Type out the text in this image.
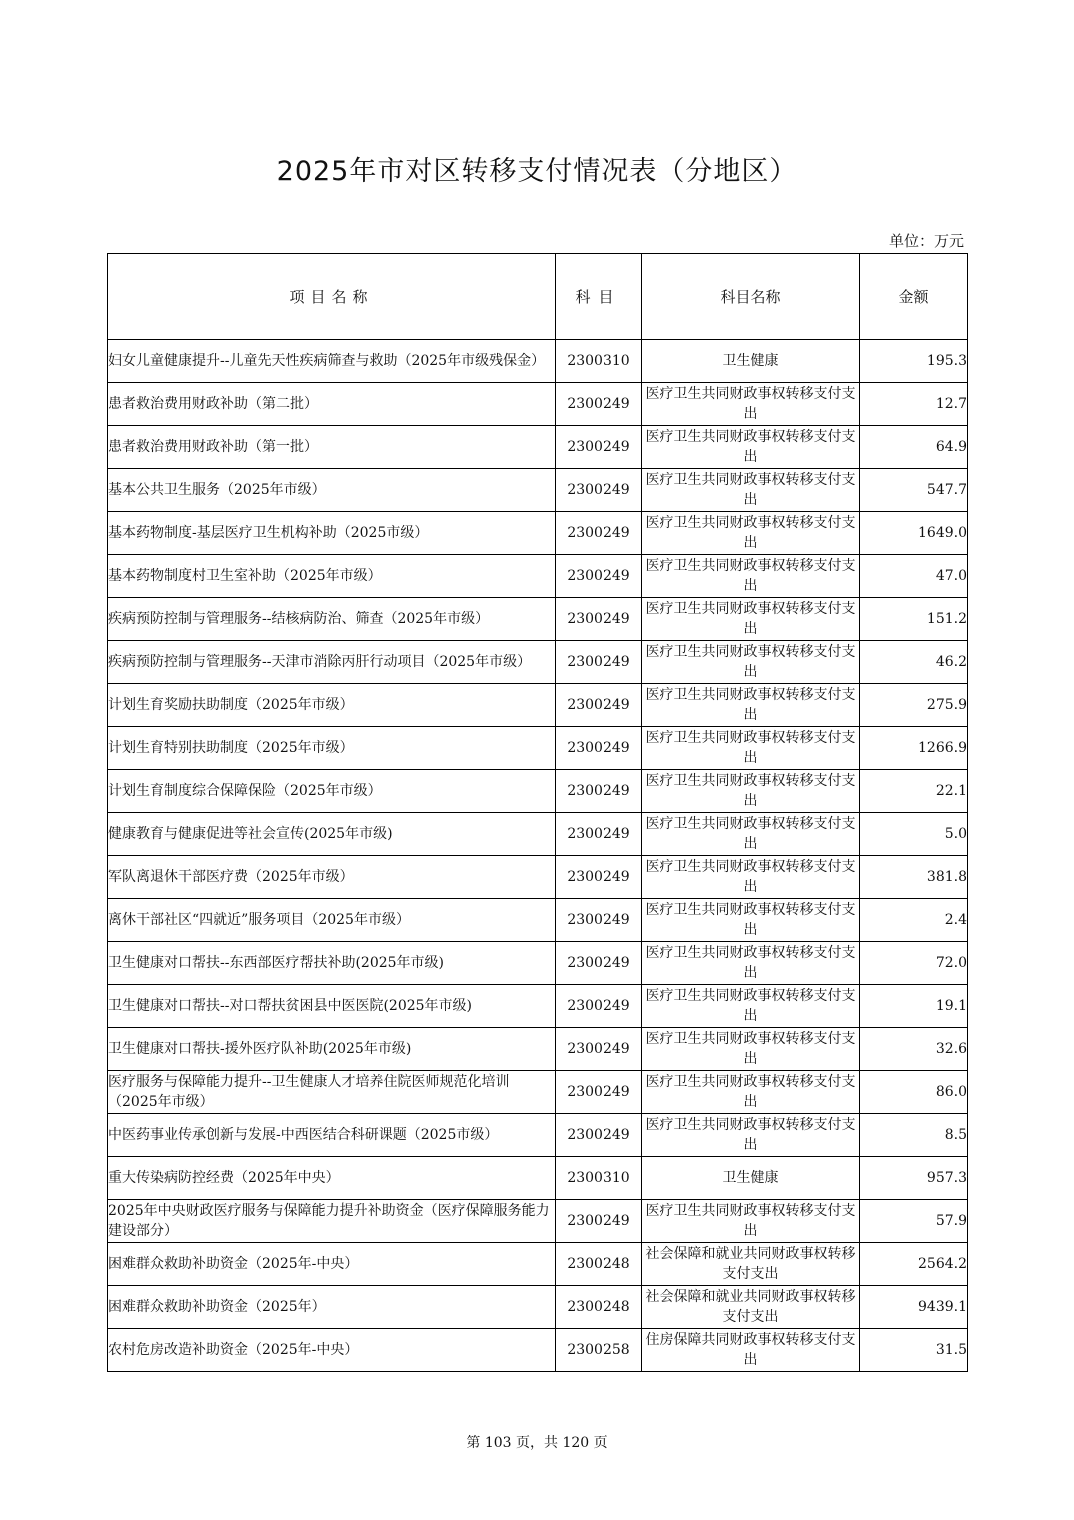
2025年市对区转移支付情况表（分地区）
单位：万元
项目名称	科目	科目名称	金额
妇女儿童健康提升--儿童先天性疾病筛查与救助（2025年市级残保金）	2300310	卫生健康	195.3
患者救治费用财政补助（第二批）	2300249	医疗卫生共同财政事权转移支付支出	12.7
患者救治费用财政补助（第一批）	2300249	医疗卫生共同财政事权转移支付支出	64.9
基本公共卫生服务（2025年市级）	2300249	医疗卫生共同财政事权转移支付支出	547.7
基本药物制度-基层医疗卫生机构补助（2025市级）	2300249	医疗卫生共同财政事权转移支付支出	1649.0
基本药物制度村卫生室补助（2025年市级）	2300249	医疗卫生共同财政事权转移支付支出	47.0
疾病预防控制与管理服务--结核病防治、筛查（2025年市级）	2300249	医疗卫生共同财政事权转移支付支出	151.2
疾病预防控制与管理服务--天津市消除丙肝行动项目（2025年市级）	2300249	医疗卫生共同财政事权转移支付支出	46.2
计划生育奖励扶助制度（2025年市级）	2300249	医疗卫生共同财政事权转移支付支出	275.9
计划生育特别扶助制度（2025年市级）	2300249	医疗卫生共同财政事权转移支付支出	1266.9
计划生育制度综合保障保险（2025年市级）	2300249	医疗卫生共同财政事权转移支付支出	22.1
健康教育与健康促进等社会宣传(2025年市级)	2300249	医疗卫生共同财政事权转移支付支出	5.0
军队离退休干部医疗费（2025年市级）	2300249	医疗卫生共同财政事权转移支付支出	381.8
离休干部社区“四就近”服务项目（2025年市级）	2300249	医疗卫生共同财政事权转移支付支出	2.4
卫生健康对口帮扶--东西部医疗帮扶补助(2025年市级)	2300249	医疗卫生共同财政事权转移支付支出	72.0
卫生健康对口帮扶--对口帮扶贫困县中医医院(2025年市级)	2300249	医疗卫生共同财政事权转移支付支出	19.1
卫生健康对口帮扶-援外医疗队补助(2025年市级)	2300249	医疗卫生共同财政事权转移支付支出	32.6
医疗服务与保障能力提升--卫生健康人才培养住院医师规范化培训（2025年市级）	2300249	医疗卫生共同财政事权转移支付支出	86.0
中医药事业传承创新与发展-中西医结合科研课题（2025市级）	2300249	医疗卫生共同财政事权转移支付支出	8.5
重大传染病防控经费（2025年中央）	2300310	卫生健康	957.3
2025年中央财政医疗服务与保障能力提升补助资金（医疗保障服务能力建设部分）	2300249	医疗卫生共同财政事权转移支付支出	57.9
困难群众救助补助资金（2025年-中央）	2300248	社会保障和就业共同财政事权转移支付支出	2564.2
困难群众救助补助资金（2025年）	2300248	社会保障和就业共同财政事权转移支付支出	9439.1
农村危房改造补助资金（2025年-中央）	2300258	住房保障共同财政事权转移支付支出	31.5
第 103 页，共 120 页
